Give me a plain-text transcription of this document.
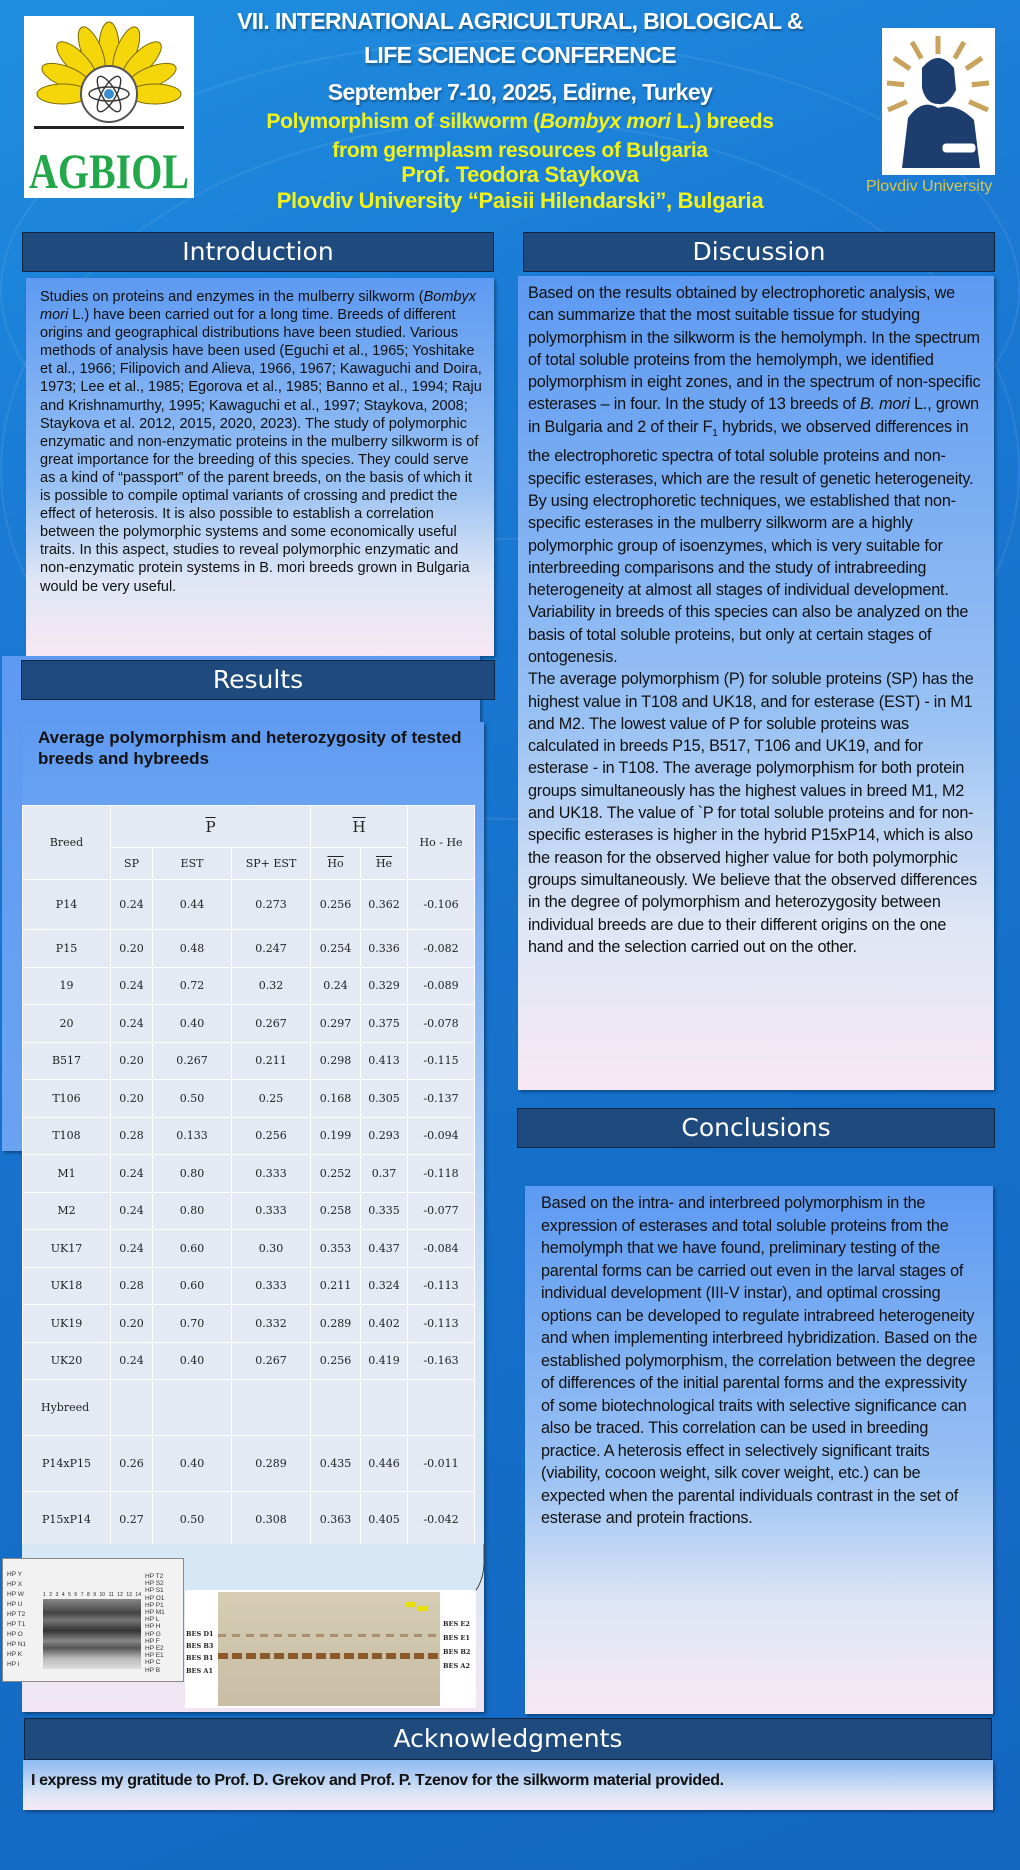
AGBIOL
VII. INTERNATIONAL AGRICULTURAL, BIOLOGICAL &
LIFE SCIENCE CONFERENCE
September 7-10, 2025, Edirne, Turkey
Polymorphism of silkworm (Bombyx mori L.) breeds
from germplasm resources of Bulgaria
Prof. Teodora Staykova
Plovdiv University “Paisii Hilendarski”, Bulgaria
Plovdiv University
Introduction
Studies on proteins and enzymes in the mulberry silkworm (Bombyx mori L.) have been carried out for a long time. Breeds of different origins and geographical distributions have been studied. Various methods of analysis have been used (Eguchi et al., 1965; Yoshitake et al., 1966; Filipovich and Alieva, 1966, 1967; Kawaguchi and Doira, 1973; Lee et al., 1985; Egorova et al., 1985; Banno et al., 1994; Raju and Krishnamurthy, 1995; Kawaguchi et al., 1997; Staykova, 2008; Staykova et al. 2012, 2015, 2020, 2023). The study of polymorphic enzymatic and non-enzymatic proteins in the mulberry silkworm is of great importance for the breeding of this species. They could serve as a kind of “passport” of the parent breeds, on the basis of which it is possible to compile optimal variants of crossing and predict the effect of heterosis. It is also possible to establish a correlation between the polymorphic systems and some economically useful traits. In this aspect, studies to reveal polymorphic enzymatic and non-enzymatic protein systems in B. mori breeds grown in Bulgaria would be very useful.
Results
Average polymorphism and heterozygosity of tested breeds and hybreeds
Breed	$\overline{P}$			$\overline{H}$		Ho - He
	SP	EST	SP+ EST	$\overline{Ho}$	$\overline{He}$
P14	0.24	0.44	0.273	0.256	0.362	-0.106
P15	0.20	0.48	0.247	0.254	0.336	-0.082
19	0.24	0.72	0.32	0.24	0.329	-0.089
20	0.24	0.40	0.267	0.297	0.375	-0.078
B517	0.20	0.267	0.211	0.298	0.413	-0.115
T106	0.20	0.50	0.25	0.168	0.305	-0.137
T108	0.28	0.133	0.256	0.199	0.293	-0.094
M1	0.24	0.80	0.333	0.252	0.37	-0.118
M2	0.24	0.80	0.333	0.258	0.335	-0.077
UK17	0.24	0.60	0.30	0.353	0.437	-0.084
UK18	0.28	0.60	0.333	0.211	0.324	-0.113
UK19	0.20	0.70	0.332	0.289	0.402	-0.113
UK20	0.24	0.40	0.267	0.256	0.419	-0.163
Hybreed						
P14xP15	0.26	0.40	0.289	0.435	0.446	-0.011
P15xP14	0.27	0.50	0.308	0.363	0.405	-0.042
1 2 3 4 5 6 7 8 9 10 11 12 13 14
HP Y
HP X
HP W
HP U
HP T2
HP T1
HP O
HP N1
HP K
HP I
HP T2
HP S2
HP S1
HP O1
HP P1
HP M1
HP L
HP H
HP G
HP F
HP E2
HP E1
HP C
HP B
BES D1
BES B3
BES B1
BES A1
BES E2
BES E1
BES B2
BES A2
Discussion
Based on the results obtained by electrophoretic analysis, we can summarize that the most suitable tissue for studying polymorphism in the silkworm is the hemolymph. In the spectrum of total soluble proteins from the hemolymph, we identified polymorphism in eight zones, and in the spectrum of non-specific esterases – in four. In the study of 13 breeds of B. mori L., grown in Bulgaria and 2 of their $F_1$ hybrids, we observed differences in the electrophoretic spectra of total soluble proteins and non-specific esterases, which are the result of genetic heterogeneity. By using electrophoretic techniques, we established that non-specific esterases in the mulberry silkworm are a highly polymorphic group of isoenzymes, which is very suitable for interbreeding comparisons and the study of intrabreeding heterogeneity at almost all stages of individual development. Variability in breeds of this species can also be analyzed on the basis of total soluble proteins, but only at certain stages of ontogenesis.
The average polymorphism (P) for soluble proteins (SP) has the highest value in T108 and UK18, and for esterase (EST) - in M1 and M2. The lowest value of P for soluble proteins was calculated in breeds P15, B517, T106 and UK19, and for esterase - in T108. The average polymorphism for both protein groups simultaneously has the highest values in breed M1, M2 and UK18. The value of `P for total soluble proteins and for non-specific esterases is higher in the hybrid P15xP14, which is also the reason for the observed higher value for both polymorphic groups simultaneously. We believe that the observed differences in the degree of polymorphism and heterozygosity between individual breeds are due to their different origins on the one hand and the selection carried out on the other.
Conclusions
Based on the intra- and interbreed polymorphism in the expression of esterases and total soluble proteins from the hemolymph that we have found, preliminary testing of the parental forms can be carried out even in the larval stages of individual development (III-V instar), and optimal crossing options can be developed to regulate intrabreed heterogeneity and when implementing interbreed hybridization. Based on the established polymorphism, the correlation between the degree of differences of the initial parental forms and the expressivity of some biotechnological traits with selective significance can also be traced. This correlation can be used in breeding practice. A heterosis effect in selectively significant traits (viability, cocoon weight, silk cover weight, etc.) can be expected when the parental individuals contrast in the set of esterase and protein fractions.
Acknowledgments
I express my gratitude to Prof. D. Grekov and Prof. P. Tzenov for the silkworm material provided.
